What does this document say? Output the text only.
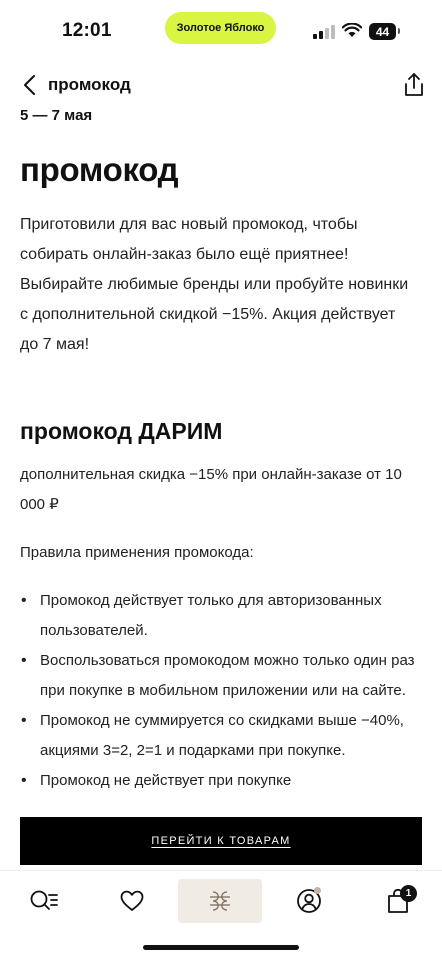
12:01	Золотое Яблоко	44
промокод
5 — 7 мая
промокод

Приготовили для вас новый промокод, чтобы собирать онлайн-заказ было ещё приятнее! Выбирайте любимые бренды или пробуйте новинки с дополнительной скидкой −15%. Акция действует до 7 мая!

промокод ДАРИМ

дополнительная скидка −15% при онлайн-заказе от 10 000 ₽

Правила применения промокода:

• Промокод действует только для авторизованных пользователей.
• Воспользоваться промокодом можно только один раз при покупке в мобильном приложении или на сайте.
• Промокод не суммируется со скидками выше −40%, акциями 3=2, 2=1 и подарками при покупке.
• Промокод не действует при покупке
ПЕРЕЙТИ К ТОВАРАМ
1
